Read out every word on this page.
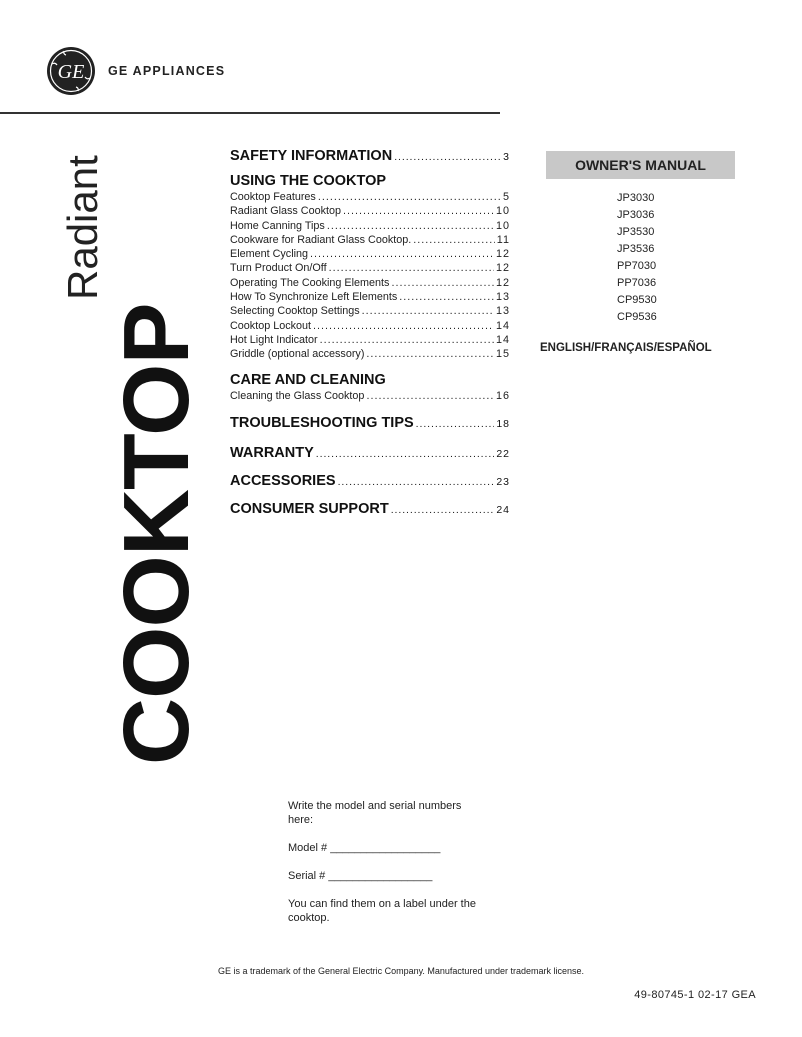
GE GE APPLIANCES
Radiant
COOKTOP
SAFETY INFORMATION . . .	3
USING THE COOKTOP
Cooktop Features . . .	5
Radiant Glass Cooktop . . .	10
Home Canning Tips . . .	10
Cookware for Radiant Glass Cooktop. . . .	11
Element Cycling . . .	12
Turn Product On/Off . . .	12
Operating The Cooking Elements . . .	12
How To Synchronize Left Elements . . .	13
Selecting Cooktop Settings . . .	13
Cooktop Lockout . . .	14
Hot Light Indicator . . .	14
Griddle (optional accessory) . . .	15
CARE AND CLEANING
Cleaning the Glass Cooktop . . .	16
TROUBLESHOOTING TIPS . . .	18
WARRANTY . . .	22
ACCESSORIES . . .	23
CONSUMER SUPPORT . . .	24
OWNER'S MANUAL
JP3030
JP3036
JP3530
JP3536
PP7030
PP7036
CP9530
CP9536
ENGLISH/FRANÇAIS/ESPAÑOL

Write the model and serial numbers here:

Model # __________________

Serial # _________________

You can find them on a label under the cooktop.

GE is a trademark of the General Electric Company. Manufactured under trademark license.
49-80745-1 02-17 GEA
